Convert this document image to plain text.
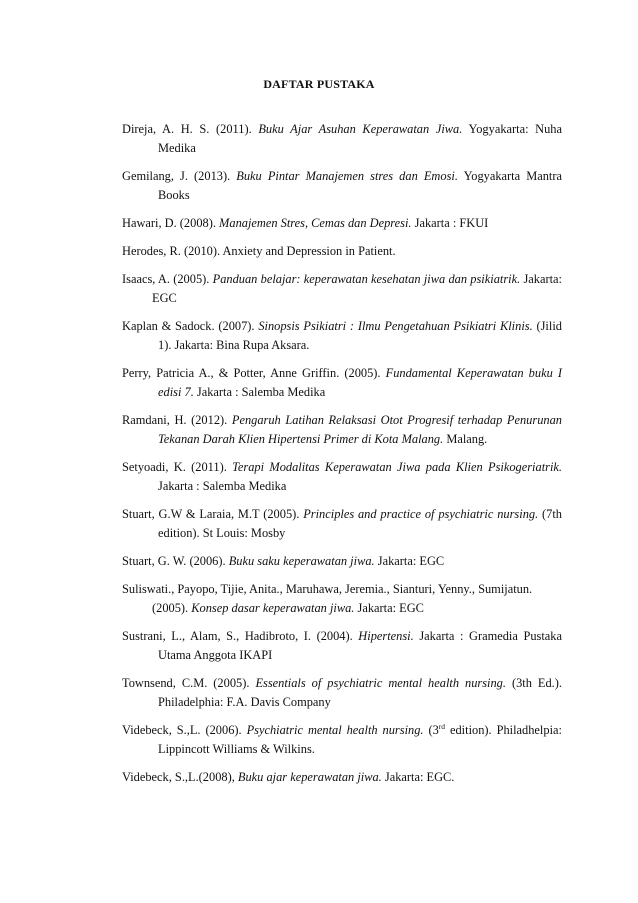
DAFTAR PUSTAKA

Direja, A. H. S. (2011). Buku Ajar Asuhan Keperawatan Jiwa. Yogyakarta: Nuha Medika

Gemilang, J. (2013). Buku Pintar Manajemen stres dan Emosi. Yogyakarta Mantra Books

Hawari, D. (2008). Manajemen Stres, Cemas dan Depresi. Jakarta : FKUI

Herodes, R. (2010). Anxiety and Depression in Patient.

Isaacs, A. (2005). Panduan belajar: keperawatan kesehatan jiwa dan psikiatrik. Jakarta: EGC

Kaplan & Sadock. (2007). Sinopsis Psikiatri : Ilmu Pengetahuan Psikiatri Klinis. (Jilid 1). Jakarta: Bina Rupa Aksara.

Perry, Patricia A., & Potter, Anne Griffin. (2005). Fundamental Keperawatan buku I edisi 7. Jakarta : Salemba Medika

Ramdani, H. (2012). Pengaruh Latihan Relaksasi Otot Progresif terhadap Penurunan Tekanan Darah Klien Hipertensi Primer di Kota Malang. Malang.

Setyoadi, K. (2011). Terapi Modalitas Keperawatan Jiwa pada Klien Psikogeriatrik. Jakarta : Salemba Medika

Stuart, G.W & Laraia, M.T (2005). Principles and practice of psychiatric nursing. (7th edition). St Louis: Mosby

Stuart, G. W. (2006). Buku saku keperawatan jiwa. Jakarta: EGC

Suliswati., Payopo, Tijie, Anita., Maruhawa, Jeremia., Sianturi, Yenny., Sumijatun. (2005). Konsep dasar keperawatan jiwa. Jakarta: EGC

Sustrani, L., Alam, S., Hadibroto, I. (2004). Hipertensi. Jakarta : Gramedia Pustaka Utama Anggota IKAPI

Townsend, C.M. (2005). Essentials of psychiatric mental health nursing. (3th Ed.). Philadelphia: F.A. Davis Company

Videbeck, S.,L. (2006). Psychiatric mental health nursing. (3rd edition). Philadhelpia: Lippincott Williams & Wilkins.

Videbeck, S.,L.(2008), Buku ajar keperawatan jiwa. Jakarta: EGC.
